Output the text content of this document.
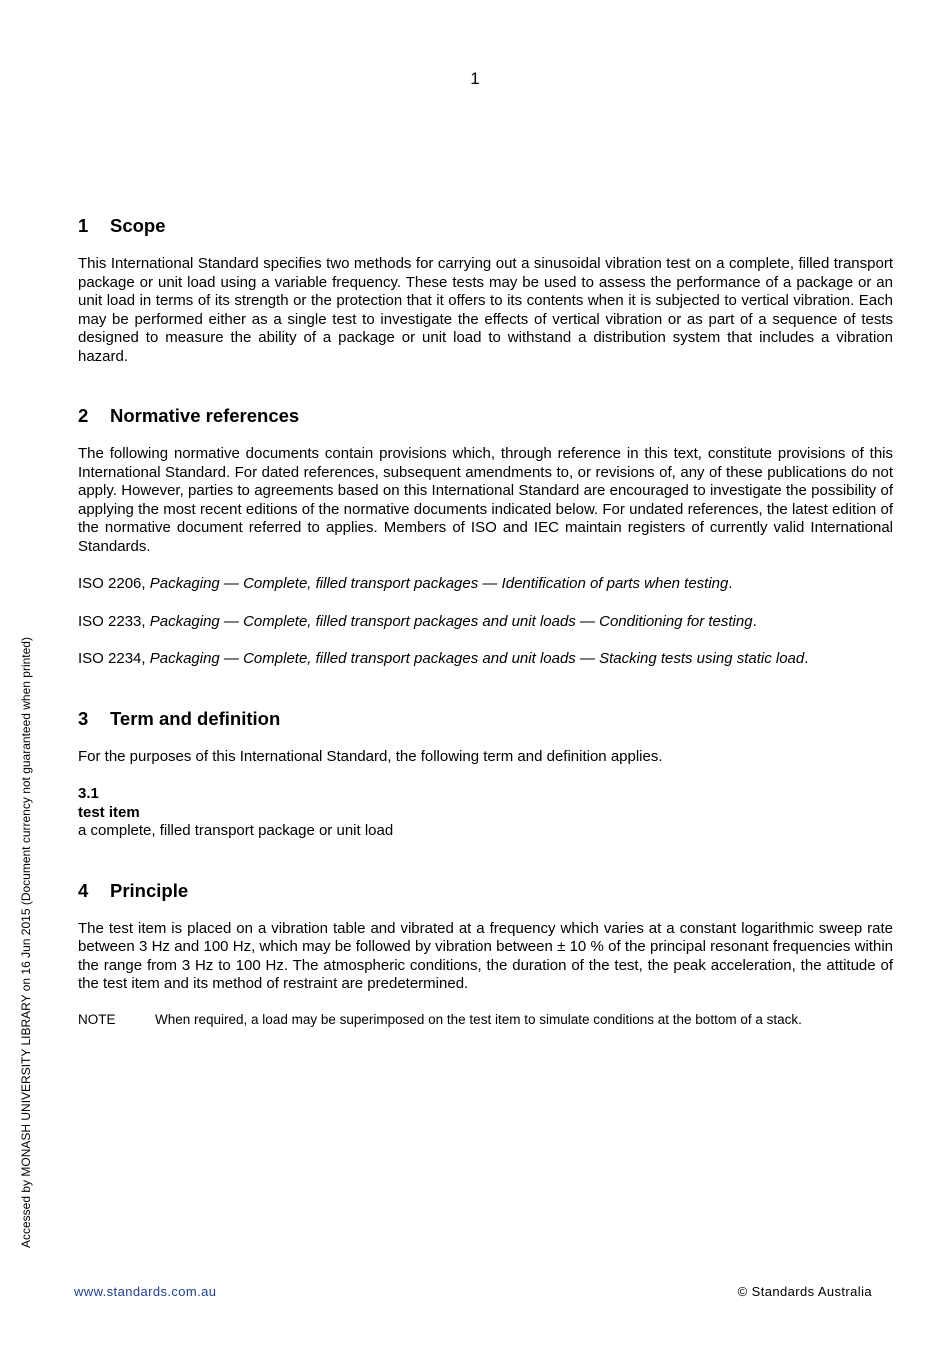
1
1	Scope

This International Standard specifies two methods for carrying out a sinusoidal vibration test on a complete, filled transport package or unit load using a variable frequency. These tests may be used to assess the performance of a package or an unit load in terms of its strength or the protection that it offers to its contents when it is subjected to vertical vibration. Each may be performed either as a single test to investigate the effects of vertical vibration or as part of a sequence of tests designed to measure the ability of a package or unit load to withstand a distribution system that includes a vibration hazard.

2	Normative references

The following normative documents contain provisions which, through reference in this text, constitute provisions of this International Standard. For dated references, subsequent amendments to, or revisions of, any of these publications do not apply. However, parties to agreements based on this International Standard are encouraged to investigate the possibility of applying the most recent editions of the normative documents indicated below. For undated references, the latest edition of the normative document referred to applies. Members of ISO and IEC maintain registers of currently valid International Standards.

ISO 2206, Packaging — Complete, filled transport packages — Identification of parts when testing.

ISO 2233, Packaging — Complete, filled transport packages and unit loads — Conditioning for testing.

ISO 2234, Packaging — Complete, filled transport packages and unit loads — Stacking tests using static load.

3	Term and definition

For the purposes of this International Standard, the following term and definition applies.

3.1

test item

a complete, filled transport package or unit load

4	Principle

The test item is placed on a vibration table and vibrated at a frequency which varies at a constant logarithmic sweep rate between 3 Hz and 100 Hz, which may be followed by vibration between ± 10 % of the principal resonant frequencies within the range from 3 Hz to 100 Hz. The atmospheric conditions, the duration of the test, the peak acceleration, the attitude of the test item and its method of restraint are predetermined.

NOTE	When required, a load may be superimposed on the test item to simulate conditions at the bottom of a stack.
Accessed by MONASH UNIVERSITY LIBRARY on 16 Jun 2015 (Document currency not guaranteed when printed)
www.standards.com.au	© Standards Australia
